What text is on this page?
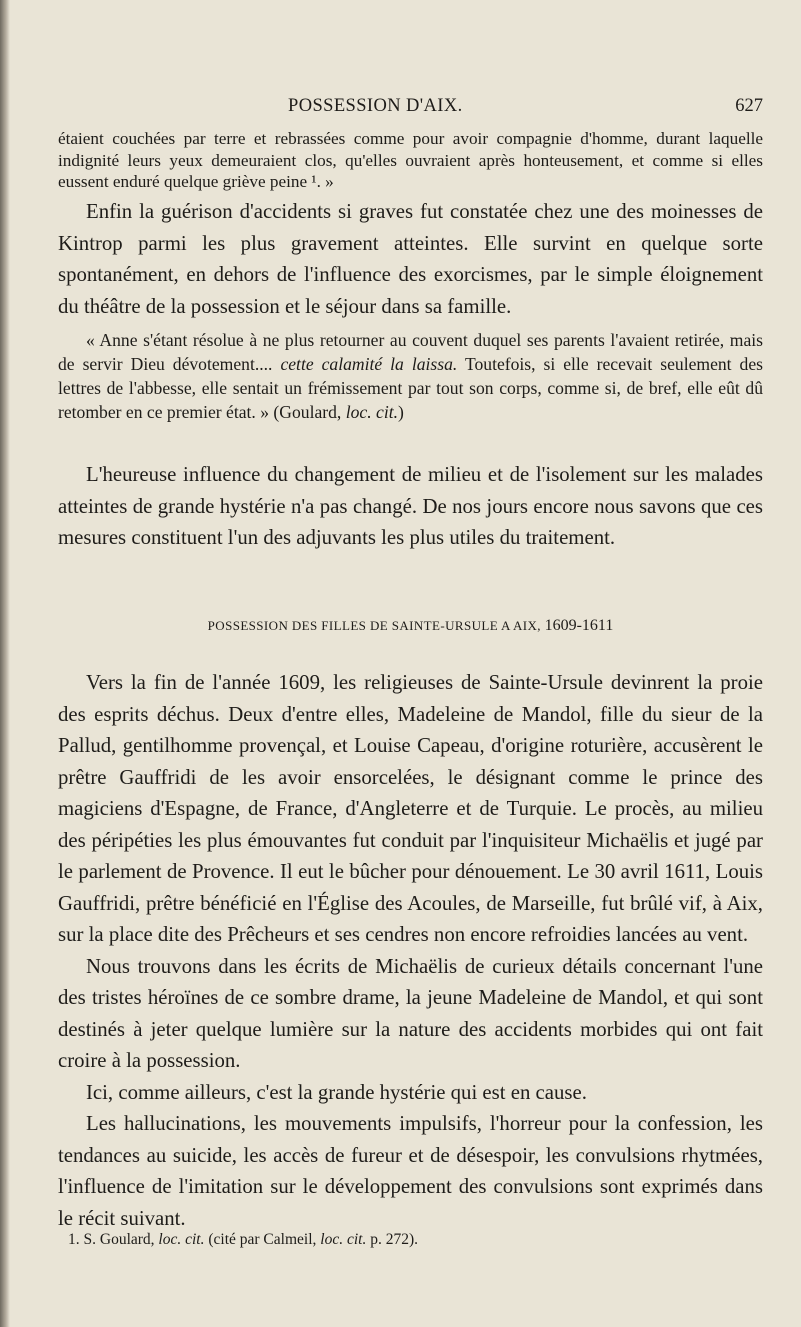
POSSESSION D'AIX.	627

étaient couchées par terre et rebrassées comme pour avoir compagnie d'homme, durant laquelle indignité leurs yeux demeuraient clos, qu'elles ouvraient après honteusement, et comme si elles eussent enduré quelque griève peine ¹. »

Enfin la guérison d'accidents si graves fut constatée chez une des moinesses de Kintrop parmi les plus gravement atteintes. Elle survint en quelque sorte spontanément, en dehors de l'influence des exorcismes, par le simple éloignement du théâtre de la possession et le séjour dans sa famille.

« Anne s'étant résolue à ne plus retourner au couvent duquel ses parents l'avaient retirée, mais de servir Dieu dévotement.... cette calamité la laissa. Toutefois, si elle recevait seulement des lettres de l'abbesse, elle sentait un frémissement par tout son corps, comme si, de bref, elle eût dû retomber en ce premier état. » (Goulard, loc. cit.)

L'heureuse influence du changement de milieu et de l'isolement sur les malades atteintes de grande hystérie n'a pas changé. De nos jours encore nous savons que ces mesures constituent l'un des adjuvants les plus utiles du traitement.

POSSESSION DES FILLES DE SAINTE-URSULE A AIX, 1609-1611

Vers la fin de l'année 1609, les religieuses de Sainte-Ursule devinrent la proie des esprits déchus. Deux d'entre elles, Madeleine de Mandol, fille du sieur de la Pallud, gentilhomme provençal, et Louise Capeau, d'origine roturière, accusèrent le prêtre Gauffridi de les avoir ensorcelées, le désignant comme le prince des magiciens d'Espagne, de France, d'Angleterre et de Turquie. Le procès, au milieu des péripéties les plus émouvantes fut conduit par l'inquisiteur Michaëlis et jugé par le parlement de Provence. Il eut le bûcher pour dénouement. Le 30 avril 1611, Louis Gauffridi, prêtre bénéficié en l'Église des Acoules, de Marseille, fut brûlé vif, à Aix, sur la place dite des Prêcheurs et ses cendres non encore refroidies lancées au vent.

Nous trouvons dans les écrits de Michaëlis de curieux détails concernant l'une des tristes héroïnes de ce sombre drame, la jeune Madeleine de Mandol, et qui sont destinés à jeter quelque lumière sur la nature des accidents morbides qui ont fait croire à la possession.

Ici, comme ailleurs, c'est la grande hystérie qui est en cause.

Les hallucinations, les mouvements impulsifs, l'horreur pour la confession, les tendances au suicide, les accès de fureur et de désespoir, les convulsions rhytmées, l'influence de l'imitation sur le développement des convulsions sont exprimés dans le récit suivant.

1. S. Goulard, loc. cit. (cité par Calmeil, loc. cit. p. 272).
